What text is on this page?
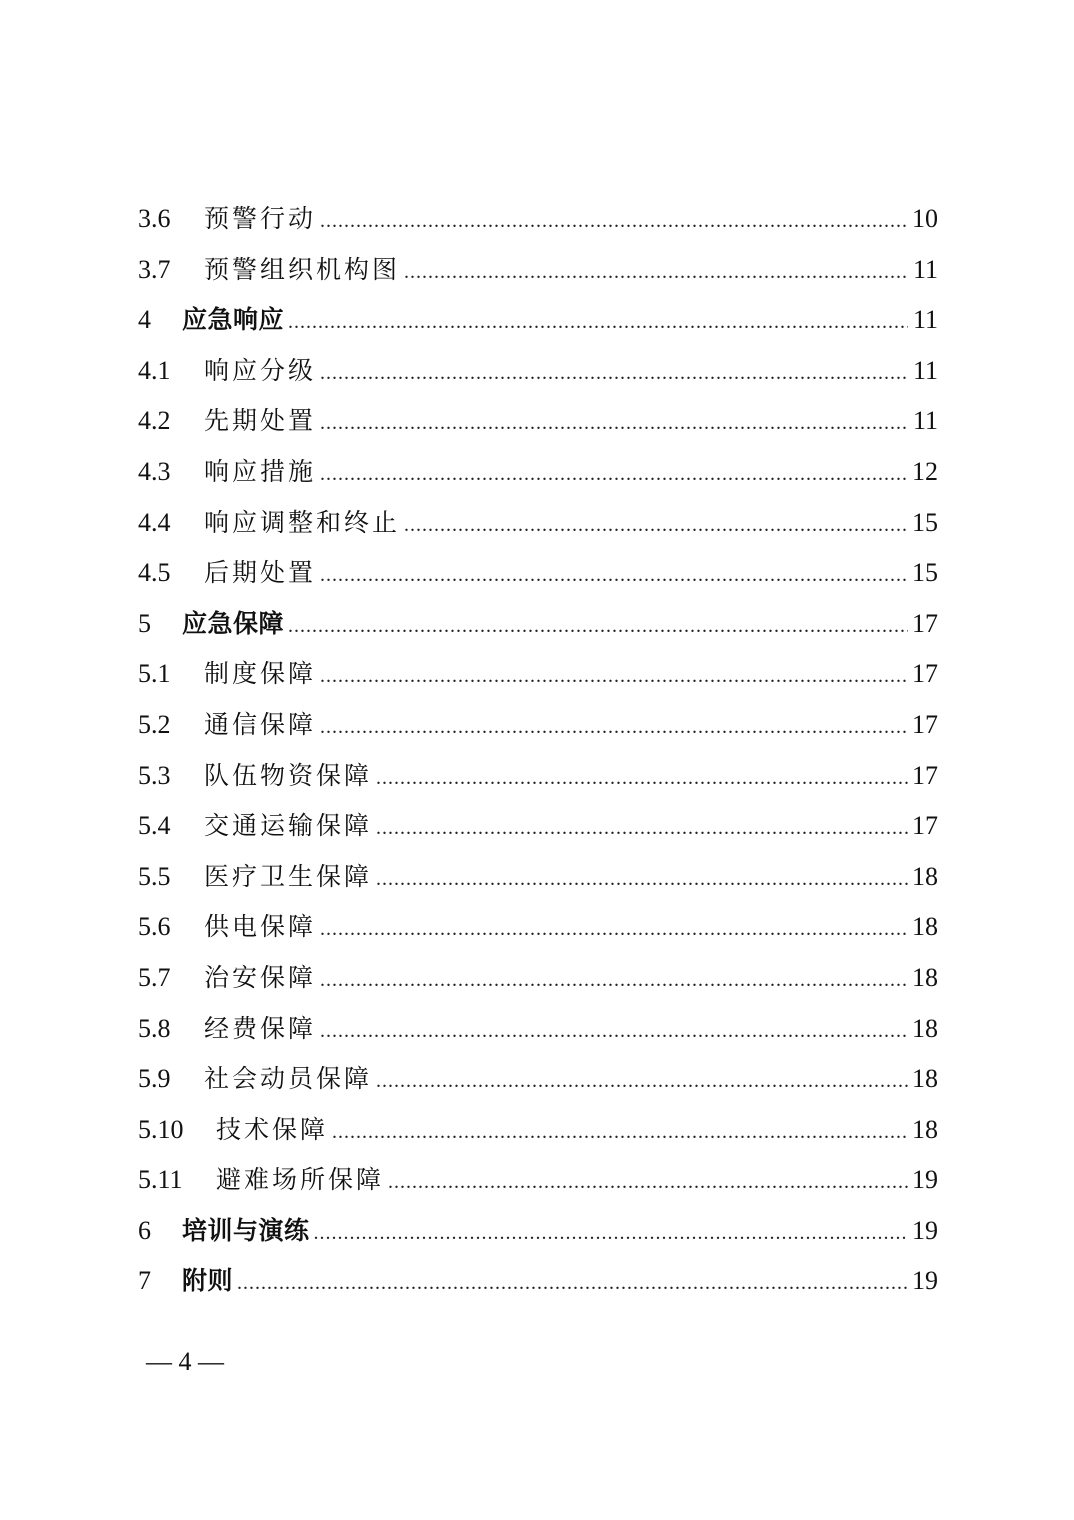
3.6	预警行动 .....	10
3.7	预警组织机构图 .....	11
4	应急响应 .....	11
4.1	响应分级 .....	11
4.2	先期处置 .....	11
4.3	响应措施 .....	12
4.4	响应调整和终止 .....	15
4.5	后期处置 .....	15
5	应急保障 .....	17
5.1	制度保障 .....	17
5.2	通信保障 .....	17
5.3	队伍物资保障 .....	17
5.4	交通运输保障 .....	17
5.5	医疗卫生保障 .....	18
5.6	供电保障 .....	18
5.7	治安保障 .....	18
5.8	经费保障 .....	18
5.9	社会动员保障 .....	18
5.10	技术保障 .....	18
5.11	避难场所保障 .....	19
6	培训与演练 .....	19
7	附则 .....	19
— 4 —
